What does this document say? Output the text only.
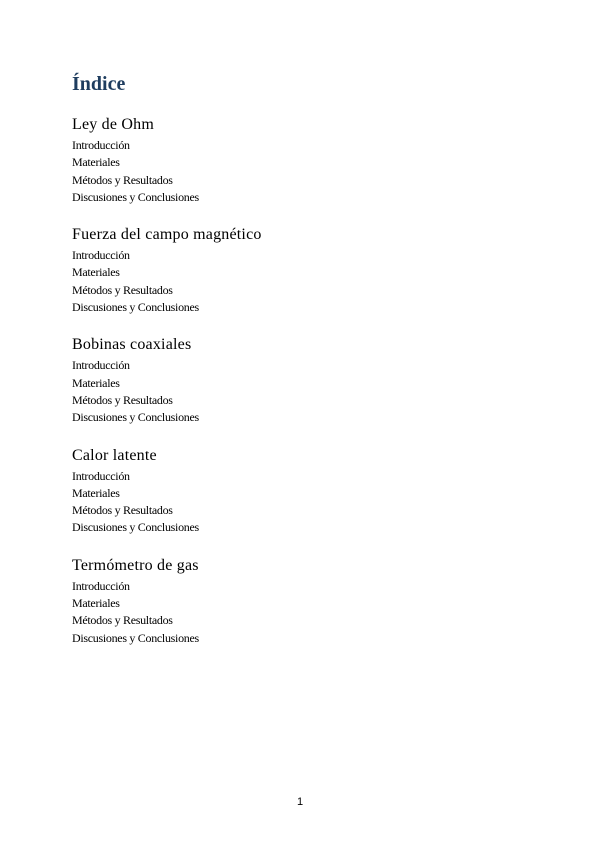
Índice
Ley de Ohm
Introducción
Materiales
Métodos y Resultados
Discusiones y Conclusiones
Fuerza del campo magnético
Introducción
Materiales
Métodos y Resultados
Discusiones y Conclusiones
Bobinas coaxiales
Introducción
Materiales
Métodos y Resultados
Discusiones y Conclusiones
Calor latente
Introducción
Materiales
Métodos y Resultados
Discusiones y Conclusiones
Termómetro de gas
Introducción
Materiales
Métodos y Resultados
Discusiones y Conclusiones
1
